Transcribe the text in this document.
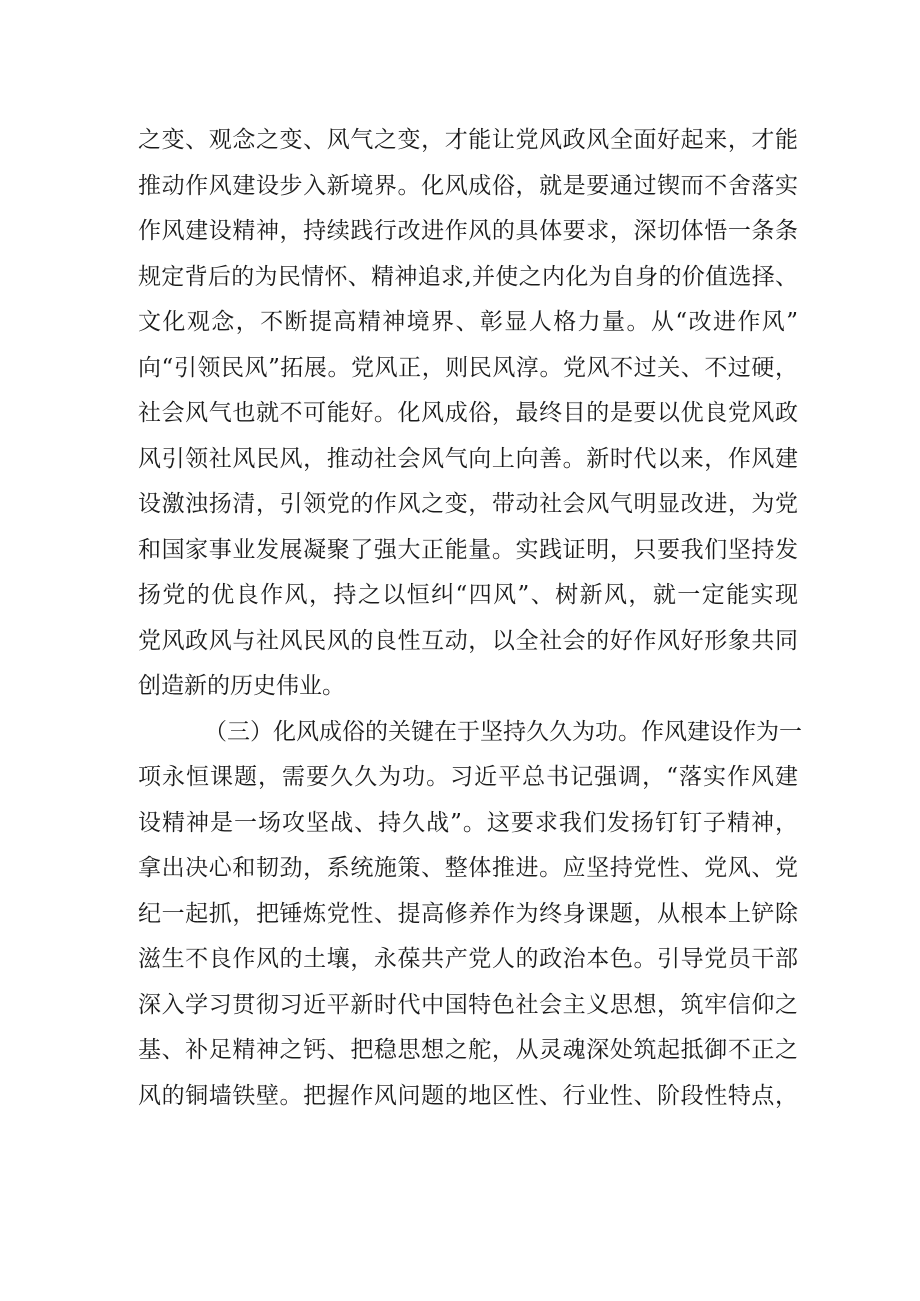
之变、观念之变、风气之变，才能让党风政风全面好起来，才能
推动作风建设步入新境界。化风成俗，就是要通过锲而不舍落实
作风建设精神，持续践行改进作风的具体要求，深切体悟一条条
规定背后的为民情怀、精神追求,并使之内化为自身的价值选择、
文化观念，不断提高精神境界、彰显人格力量。从“改进作风”
向“引领民风”拓展。党风正，则民风淳。党风不过关、不过硬，
社会风气也就不可能好。化风成俗，最终目的是要以优良党风政
风引领社风民风，推动社会风气向上向善。新时代以来，作风建
设激浊扬清，引领党的作风之变，带动社会风气明显改进，为党
和国家事业发展凝聚了强大正能量。实践证明，只要我们坚持发
扬党的优良作风，持之以恒纠“四风”、树新风，就一定能实现
党风政风与社风民风的良性互动，以全社会的好作风好形象共同
创造新的历史伟业。
（三）化风成俗的关键在于坚持久久为功。作风建设作为一
项永恒课题，需要久久为功。习近平总书记强调，“落实作风建
设精神是一场攻坚战、持久战”。这要求我们发扬钉钉子精神，
拿出决心和韧劲，系统施策、整体推进。应坚持党性、党风、党
纪一起抓，把锤炼党性、提高修养作为终身课题，从根本上铲除
滋生不良作风的土壤，永葆共产党人的政治本色。引导党员干部
深入学习贯彻习近平新时代中国特色社会主义思想，筑牢信仰之
基、补足精神之钙、把稳思想之舵，从灵魂深处筑起抵御不正之
风的铜墙铁壁。把握作风问题的地区性、行业性、阶段性特点，
